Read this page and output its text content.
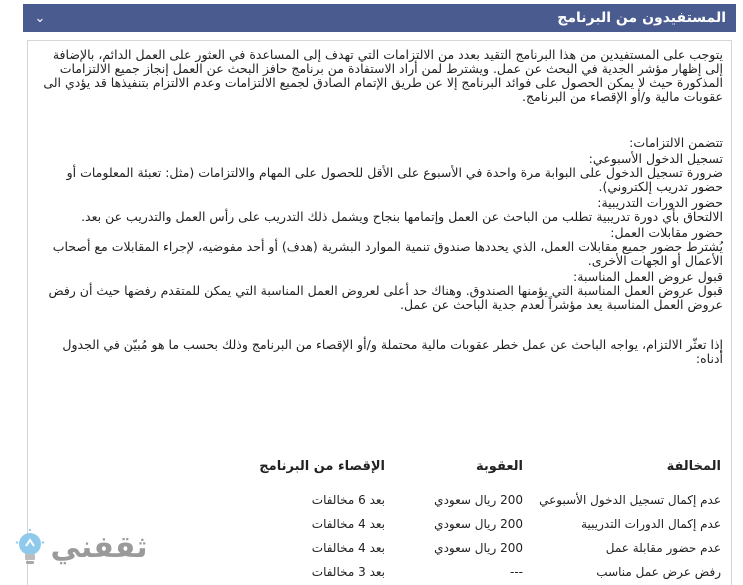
المستفيدون من البرنامج
⌄

يتوجب على المستفيدين من هذا البرنامج التقيد بعدد من الالتزامات التي تهدف إلى المساعدة في العثور على العمل الدائم، بالإضافة إلى إظهار مؤشر الجدية في البحث عن عمل. ويشترط لمن أراد الاستفادة من برنامج حافز البحث عن العمل إنجاز جميع الالتزامات المذكورة حيث لا يمكن الحصول على فوائد البرنامج إلا عن طريق الإتمام الصادق لجميع الالتزامات وعدم الالتزام بتنفيذها قد يؤدي الى عقوبات مالية و/أو الإقصاء من البرنامج.

تتضمن الالتزامات:

تسجيل الدخول الأسبوعي:

ضرورة تسجيل الدخول على البوابة مرة واحدة في الأسبوع على الأقل للحصول على المهام والالتزامات (مثل: تعبئة المعلومات أو حضور تدريب إلكتروني).

حضور الدورات التدريبية:

الالتحاق بأي دورة تدريبية تطلب من الباحث عن العمل وإتمامها بنجاح ويشمل ذلك التدريب على رأس العمل والتدريب عن بعد.

حضور مقابلات العمل:

يُشترط حضور جميع مقابلات العمل، الذي يحددها صندوق تنمية الموارد البشرية (هدف) أو أحد مفوضيه، لإجراء المقابلات مع أصحاب الأعمال أو الجهات الأخرى.

قبول عروض العمل المناسبة:

قبول عروض العمل المناسبة التي يؤمنها الصندوق. وهناك حد أعلى لعروض العمل المناسبة التي يمكن للمتقدم رفضها حيث أن رفض عروض العمل المناسبة يعد مؤشراً لعدم جدية الباحث عن عمل.

إذا تعثّر الالتزام، يواجه الباحث عن عمل خطر عقوبات مالية محتملة و/أو الإقصاء من البرنامج وذلك بحسب ما هو مُبيّن في الجدول أدناه:

المخالفة	العقوبة	الإقصاء من البرنامج
عدم إكمال تسجيل الدخول الأسبوعي	200 ريال سعودي	بعد 6 مخالفات
عدم إكمال الدورات التدريبية	200 ريال سعودي	بعد 4 مخالفات
عدم حضور مقابلة عمل	200 ريال سعودي	بعد 4 مخالفات
رفض عرض عمل مناسب	---	بعد 3 مخالفات
ثقفني
